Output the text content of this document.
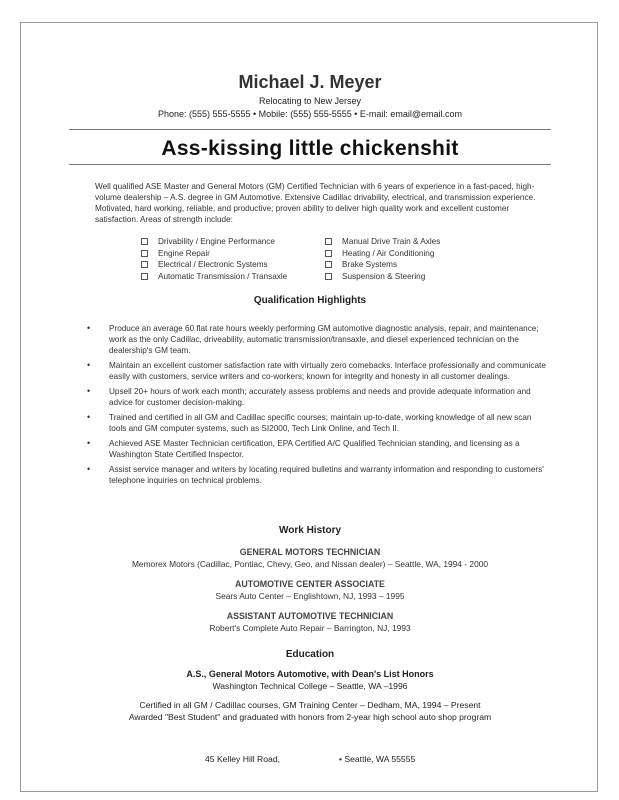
Michael J. Meyer
Relocating to New Jersey
Phone: (555) 555-5555 • Mobile: (555) 555-5555 • E-mail: email@email.com
Ass-kissing little chickenshit
Well qualified ASE Master and General Motors (GM) Certified Technician with 6 years of experience in a fast-paced, high-volume dealership – A.S. degree in GM Automotive. Extensive Cadillac drivability, electrical, and transmission experience. Motivated, hard working, reliable, and productive; proven ability to deliver high quality work and excellent customer satisfaction. Areas of strength include:
Drivability / Engine Performance
Engine Repair
Electrical / Electronic Systems
Automatic Transmission / Transaxle
Manual Drive Train & Axles
Heating / Air Conditioning
Brake Systems
Suspension & Steering
Qualification Highlights
• Produce an average 60 flat rate hours weekly performing GM automotive diagnostic analysis, repair, and maintenance; work as the only Cadillac, driveability, automatic transmission/transaxle, and diesel experienced technician on the dealership's GM team.
• Maintain an excellent customer satisfaction rate with virtually zero comebacks. Interface professionally and communicate easily with customers, service writers and co-workers; known for integrity and honesty in all customer dealings.
• Upsell 20+ hours of work each month; accurately assess problems and needs and provide adequate information and advice for customer decision-making.
• Trained and certified in all GM and Cadillac specific courses; maintain up-to-date, working knowledge of all new scan tools and GM computer systems, such as SI2000, Tech Link Online, and Tech II.
• Achieved ASE Master Technician certification, EPA Certified A/C Qualified Technician standing, and licensing as a Washington State Certified Inspector.
• Assist service manager and writers by locating required bulletins and warranty information and responding to customers' telephone inquiries on technical problems.
Work History
GENERAL MOTORS TECHNICIAN
Memorex Motors (Cadillac, Pontiac, Chevy, Geo, and Nissan dealer) – Seattle, WA, 1994 - 2000
AUTOMOTIVE CENTER ASSOCIATE
Sears Auto Center – Englishtown, NJ, 1993 – 1995
ASSISTANT AUTOMOTIVE TECHNICIAN
Robert's Complete Auto Repair – Barrington, NJ, 1993
Education
A.S., General Motors Automotive, with Dean's List Honors
Washington Technical College – Seattle, WA –1996
Certified in all GM / Cadillac courses, GM Training Center – Dedham, MA, 1994 – Present
Awarded "Best Student" and graduated with honors from 2-year high school auto shop program
45 Kelley Hill Road,	• Seattle, WA 55555
